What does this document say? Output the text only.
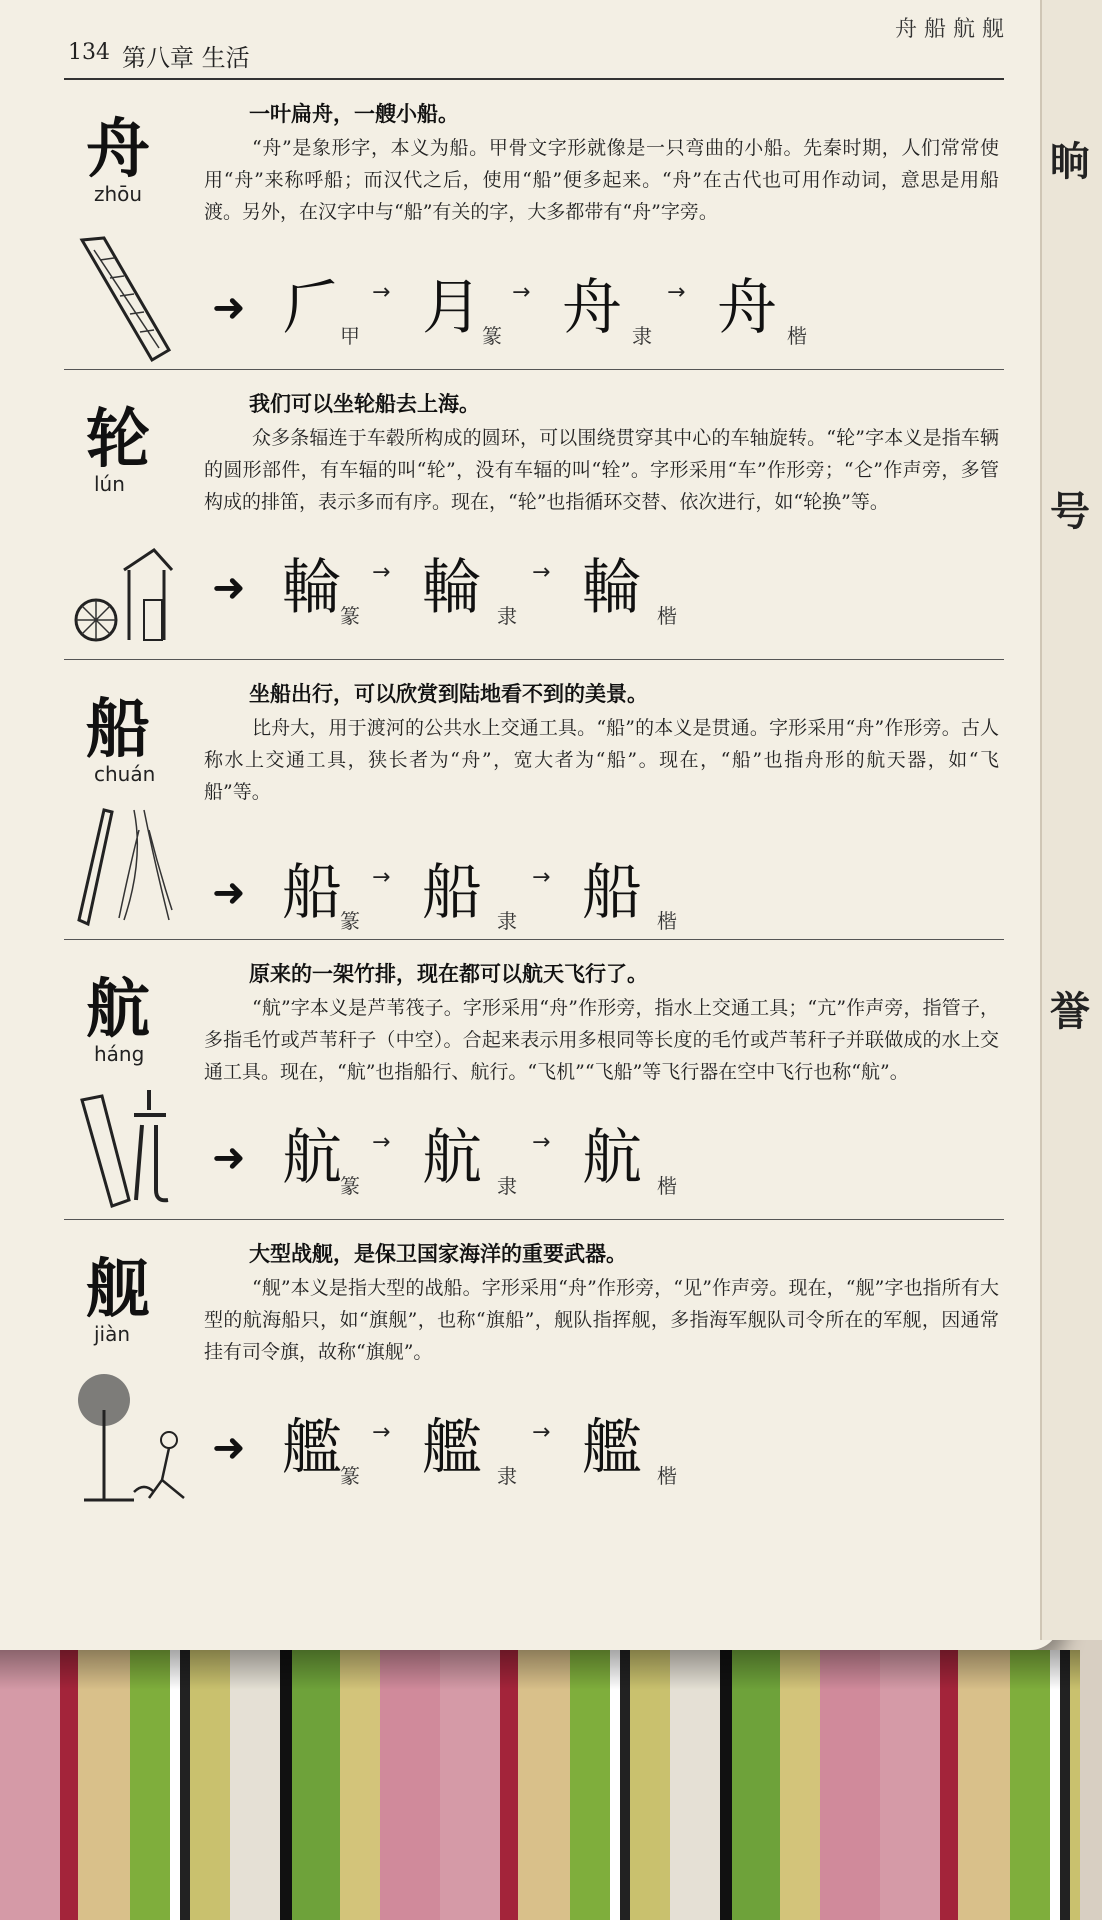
134 第八章 生活
舟 船 航 舰
舟
zhōu
一叶扁舟，一艘小船。
“舟”是象形字，本义为船。甲骨文字形就像是一只弯曲的小船。先秦时期，人们常常使用“舟”来称呼船；而汉代之后，使用“船”便多起来。“舟”在古代也可用作动词，意思是用船渡。另外，在汉字中与“船”有关的字，大多都带有“舟”字旁。
➜ 𠂆
甲
→ 月 篆
→ 舟 隶
→ 舟 楷
轮
lún
我们可以坐轮船去上海。
众多条辐连于车毂所构成的圆环，可以围绕贯穿其中心的车轴旋转。“轮”字本义是指车辆的圆形部件，有车辐的叫“轮”，没有车辐的叫“辁”。字形采用“车”作形旁；“仑”作声旁，多管构成的排笛，表示多而有序。现在，“轮”也指循环交替、依次进行，如“轮换”等。
➜ 輪
篆
→ 輪 隶
→ 輪 楷
船
chuán
坐船出行，可以欣赏到陆地看不到的美景。
比舟大，用于渡河的公共水上交通工具。“船”的本义是贯通。字形采用“舟”作形旁。古人称水上交通工具，狭长者为“舟”，宽大者为“船”。现在，“船”也指舟形的航天器，如“飞船”等。
➜ 船
篆
→ 船 隶
→ 船 楷
航
háng
原来的一架竹排，现在都可以航天飞行了。
“航”字本义是芦苇筏子。字形采用“舟”作形旁，指水上交通工具；“亢”作声旁，指管子，多指毛竹或芦苇秆子（中空）。合起来表示用多根同等长度的毛竹或芦苇秆子并联做成的水上交通工具。现在，“航”也指船行、航行。“飞机”“飞船”等飞行器在空中飞行也称“航”。
➜ 航
篆
→ 航 隶
→ 航 楷
舰
jiàn
大型战舰，是保卫国家海洋的重要武器。
“舰”本义是指大型的战船。字形采用“舟”作形旁，“见”作声旁。现在，“舰”字也指所有大型的航海船只，如“旗舰”，也称“旗船”，舰队指挥舰，多指海军舰队司令所在的军舰，因通常挂有司令旗，故称“旗舰”。
➜ 艦
篆
→ 艦 隶
→ 艦 楷
晌
号
誉
